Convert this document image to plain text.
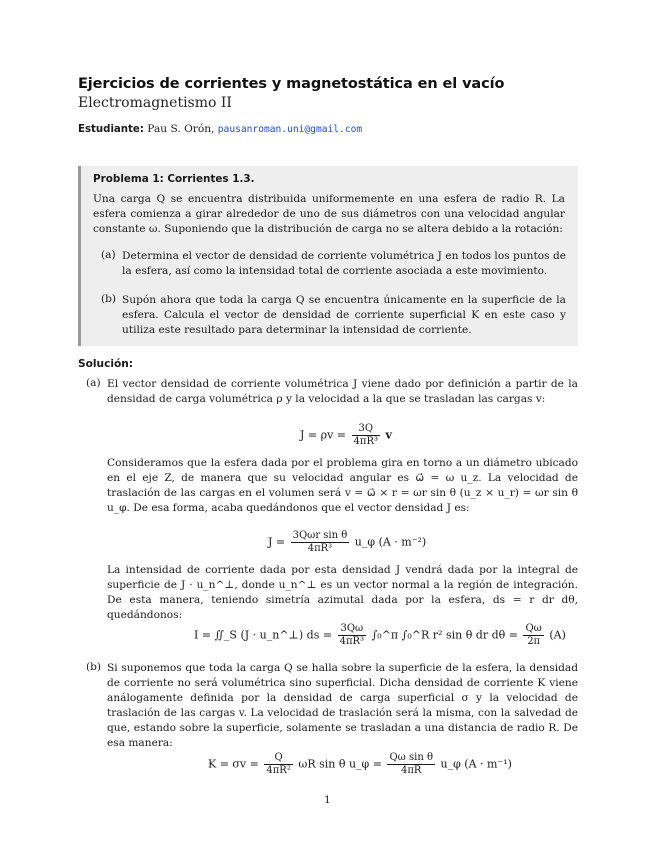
Ejercicios de corrientes y magnetostática en el vacío
Electromagnetismo II
Estudiante: Pau S. Orón, pausanroman.uni@gmail.com
Problema 1: Corrientes 1.3.
Una carga Q se encuentra distribuida uniformemente en una esfera de radio R. La esfera comienza a girar alrededor de uno de sus diámetros con una velocidad angular constante ω. Suponiendo que la distribución de carga no se altera debido a la rotación:
(a) Determina el vector de densidad de corriente volumétrica J en todos los puntos de la esfera, así como la intensidad total de corriente asociada a este movimiento.
(b) Supón ahora que toda la carga Q se encuentra únicamente en la superficie de la esfera. Calcula el vector de densidad de corriente superficial K en este caso y utiliza este resultado para determinar la intensidad de corriente.
Solución:
(a) El vector densidad de corriente volumétrica J viene dado por definición a partir de la densidad de carga volumétrica ρ y la velocidad a la que se trasladan las cargas v:
$J = \rho v = \frac{3Q}{\text{4πR³}}$ v
Consideramos que la esfera dada por el problema gira en torno a un diámetro ubicado en el eje Z, de manera que su velocidad angular es ω⃗ = ω u_z. La velocidad de traslación de las cargas en el volumen será v = ω⃗ × r = ωr sin θ (u_z × u_r) = ωr sin θ u_φ. De esa forma, acaba quedándonos que el vector densidad J es:
$J = \frac{\text{3Qωr sin θ}}{\text{4πR³}}$ u_φ (A · m⁻²)
La intensidad de corriente dada por esta densidad J vendrá dada por la integral de superficie de J · u_n^⊥, donde u_n^⊥ es un vector normal a la región de integración. De esta manera, teniendo simetría azimutal dada por la esfera, ds = r dr dθ, quedándonos:
I = ∬_S (J · u_n^⊥) ds = $\frac{3Q\omega}{\text{4πR³}}$ ∫₀^π ∫₀^R r² sin θ dr $d\theta = \frac{Q\omega}{2\pi} (A)$
(b) Si suponemos que toda la carga Q se halla sobre la superficie de la esfera, la densidad de corriente no será volumétrica sino superficial. Dicha densidad de corriente K viene análogamente definida por la densidad de carga superficial σ y la velocidad de traslación de las cargas v. La velocidad de traslación será la misma, con la salvedad de que, estando sobre la superficie, solamente se trasladan a una distancia de radio R. De esa manera:
$K = \sigma v = \frac{Q}{\text{4πR²}}$ ωR sin θ u_φ = $\frac{\text{Qω sin θ}}{4\pi R}$ u_φ (A · m⁻¹)
1
